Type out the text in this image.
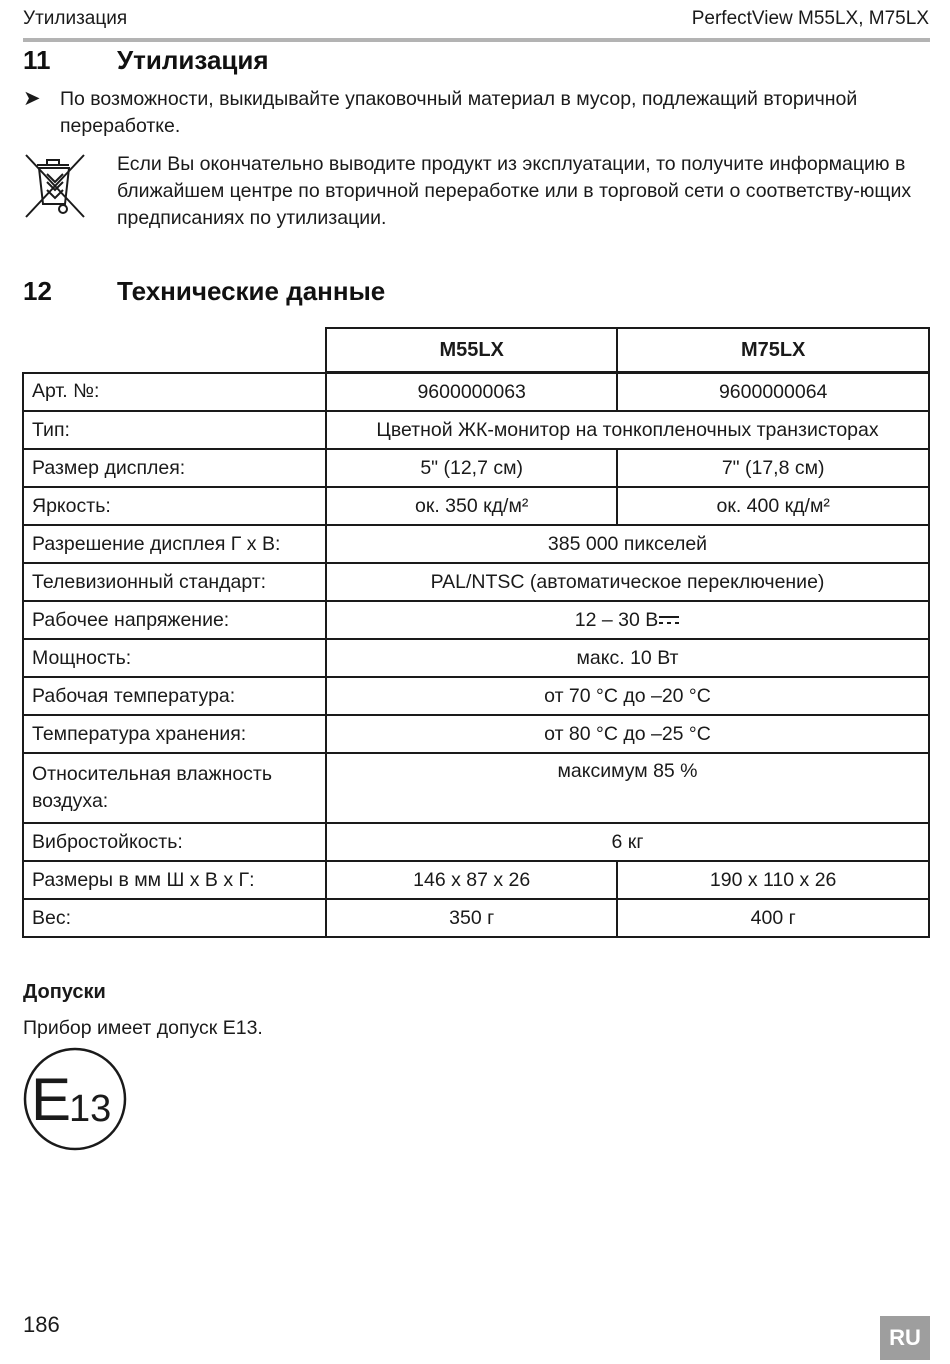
Утилизация	PerfectView M55LX, M75LX
11	Утилизация
➤ По возможности, выкидывайте упаковочный материал в мусор, подлежащий вторичной переработке.
Если Вы окончательно выводите продукт из эксплуатации, то получите информацию в ближайшем центре по вторичной переработке или в торговой сети о соответству-ющих предписаниях по утилизации.
12	Технические данные
	M55LX	M75LX
Арт. №:	9600000063	9600000064
Тип:	Цветной ЖК-монитор на тонкопленочных транзисторах	
Размер дисплея:	5" (12,7 см)	7" (17,8 см)
Яркость:	ок. 350 кд/м²	ок. 400 кд/м²
Разрешение дисплея Г х В:	385 000 пикселей	
Телевизионный стандарт:	PAL/NTSC (автоматическое переключение)	
Рабочее напряжение:	12 – 30 В	
Мощность:	макс. 10 Вт	
Рабочая температура:	от 70 °C до –20 °C	
Температура хранения:	от 80 °C до –25 °C	
Относительная влажность воздуха:	максимум 85 %	
Вибростойкость:	6 кг	
Размеры в мм Ш х В х Г:	146 x 87 x 26	190 x 110 x 26
Вес:	350 г	400 г
Допуски
Прибор имеет допуск E13.
E
13
186
RU
